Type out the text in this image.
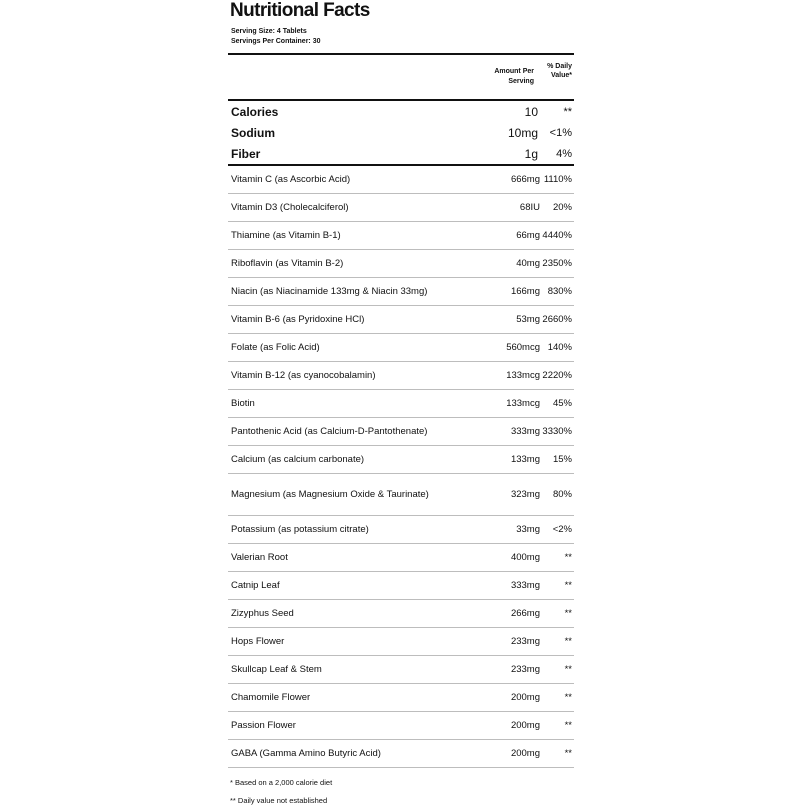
Nutritional Facts
Serving Size: 4 Tablets
Servings Per Container: 30
Amount Per Serving
% Daily Value*
Calories	10	**
Sodium	10mg	<1%
Fiber	1g	4%
Vitamin C (as Ascorbic Acid)	666mg 1110%
Vitamin D3 (Cholecalciferol)	68IU	20%
Thiamine (as Vitamin B-1)	66mg 4440%
Riboflavin (as Vitamin B-2)	40mg 2350%
Niacin (as Niacinamide 133mg & Niacin 33mg)	166mg 830%
Vitamin B-6 (as Pyridoxine HCl)	53mg 2660%
Folate (as Folic Acid)	560mcg 140%
Vitamin B-12 (as cyanocobalamin)	133mcg 2220%
Biotin	133mcg	45%
Pantothenic Acid (as Calcium-D-Pantothenate)	333mg 3330%
Calcium (as calcium carbonate)	133mg	15%
Magnesium (as Magnesium Oxide & Taurinate)	323mg	80%
Potassium (as potassium citrate)	33mg	<2%
Valerian Root	400mg	**
Catnip Leaf	333mg	**
Zizyphus Seed	266mg	**
Hops Flower	233mg	**
Skullcap Leaf & Stem	233mg	**
Chamomile Flower	200mg	**
Passion Flower	200mg	**
GABA (Gamma Amino Butyric Acid)	200mg	**
* Based on a 2,000 calorie diet
** Daily value not established
